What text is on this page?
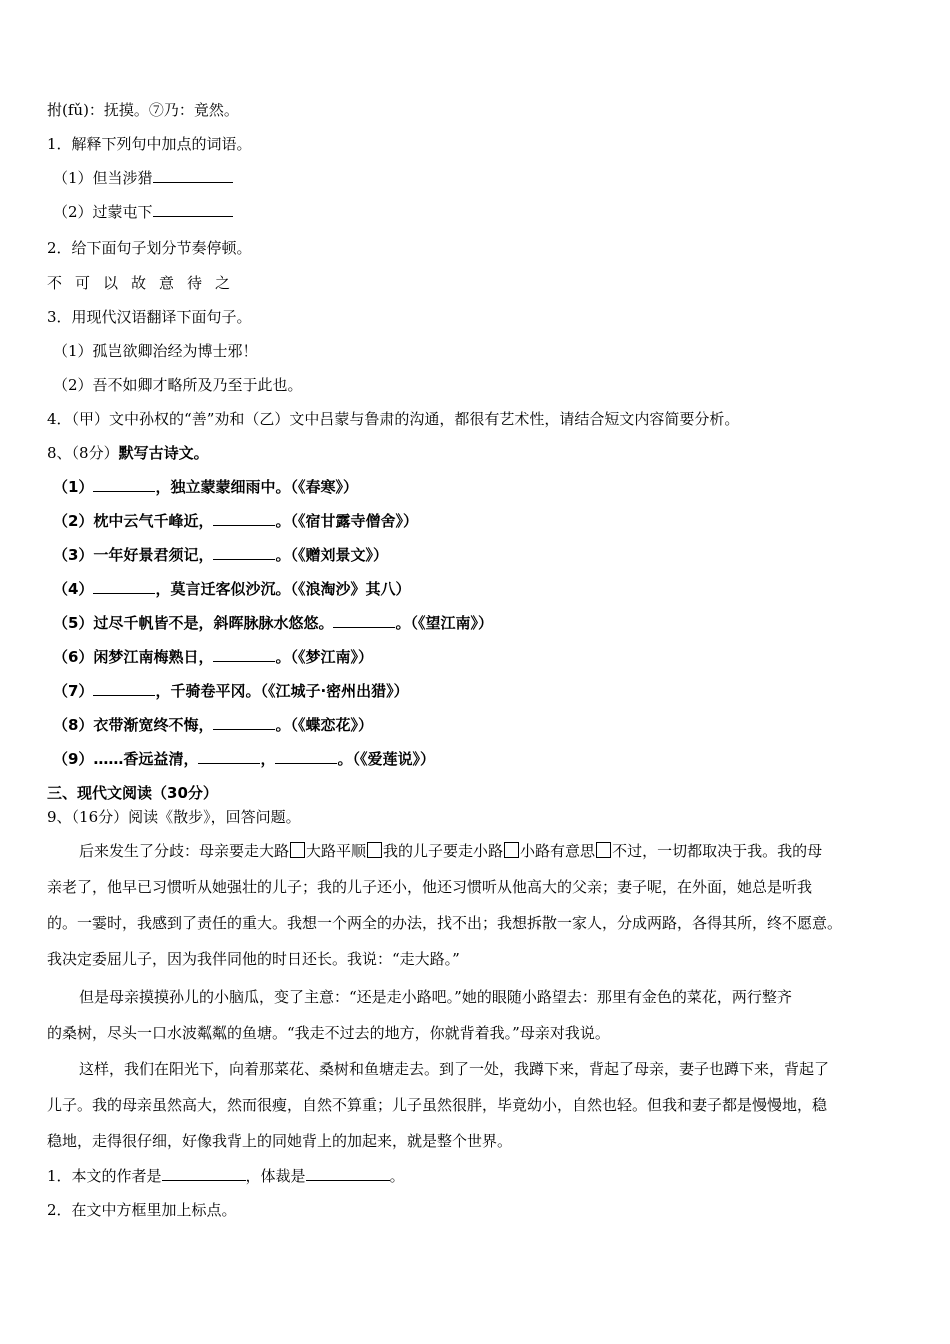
拊(fǔ)：抚摸。⑦乃：竟然。
1．解释下列句中加点的词语。
（1）但当涉猎
（2）过蒙屯下
2．给下面句子划分节奏停顿。
不可以故意待之
3．用现代汉语翻译下面句子。
（1）孤岂欲卿治经为博士邪！
（2）吾不如卿才略所及乃至于此也。
4．（甲）文中孙权的“善”劝和（乙）文中吕蒙与鲁肃的沟通，都很有艺术性，请结合短文内容简要分析。
8、（8分）默写古诗文。
（1）	，独立蒙蒙细雨中。（《春寒》）
（2）枕中云气千峰近，	。（《宿甘露寺僧舍》）
（3）一年好景君须记，	。（《赠刘景文》）
（4）	，莫言迁客似沙沉。（《浪淘沙》其八）
（5）过尽千帆皆不是，斜晖脉脉水悠悠。	。（《望江南》）
（6）闲梦江南梅熟日，	。（《梦江南》）
（7）	，千骑卷平冈。（《江城子·密州出猎》）
（8）衣带渐宽终不悔，	。（《蝶恋花》）
（9）……香远益清，	，	。（《爱莲说》）
三、现代文阅读（30分）
9、（16分）阅读《散步》，回答问题。
后来发生了分歧：母亲要走大路 大路平顺 我的儿子要走小路 小路有意思 不过，一切都取决于我。我的母
亲老了，他早已习惯听从她强壮的儿子；我的儿子还小，他还习惯听从他高大的父亲；妻子呢，在外面，她总是听我
的。一霎时，我感到了责任的重大。我想一个两全的办法，找不出；我想拆散一家人，分成两路，各得其所，终不愿意。
我决定委屈儿子，因为我伴同他的时日还长。我说：“走大路。”
但是母亲摸摸孙儿的小脑瓜，变了主意：“还是走小路吧。”她的眼随小路望去：那里有金色的菜花，两行整齐
的桑树，尽头一口水波粼粼的鱼塘。“我走不过去的地方，你就背着我。”母亲对我说。
这样，我们在阳光下，向着那菜花、桑树和鱼塘走去。到了一处，我蹲下来，背起了母亲，妻子也蹲下来，背起了
儿子。我的母亲虽然高大，然而很瘦，自然不算重；儿子虽然很胖，毕竟幼小，自然也轻。但我和妻子都是慢慢地，稳
稳地，走得很仔细，好像我背上的同她背上的加起来，就是整个世界。
1．本文的作者是	，体裁是	。
2．在文中方框里加上标点。
